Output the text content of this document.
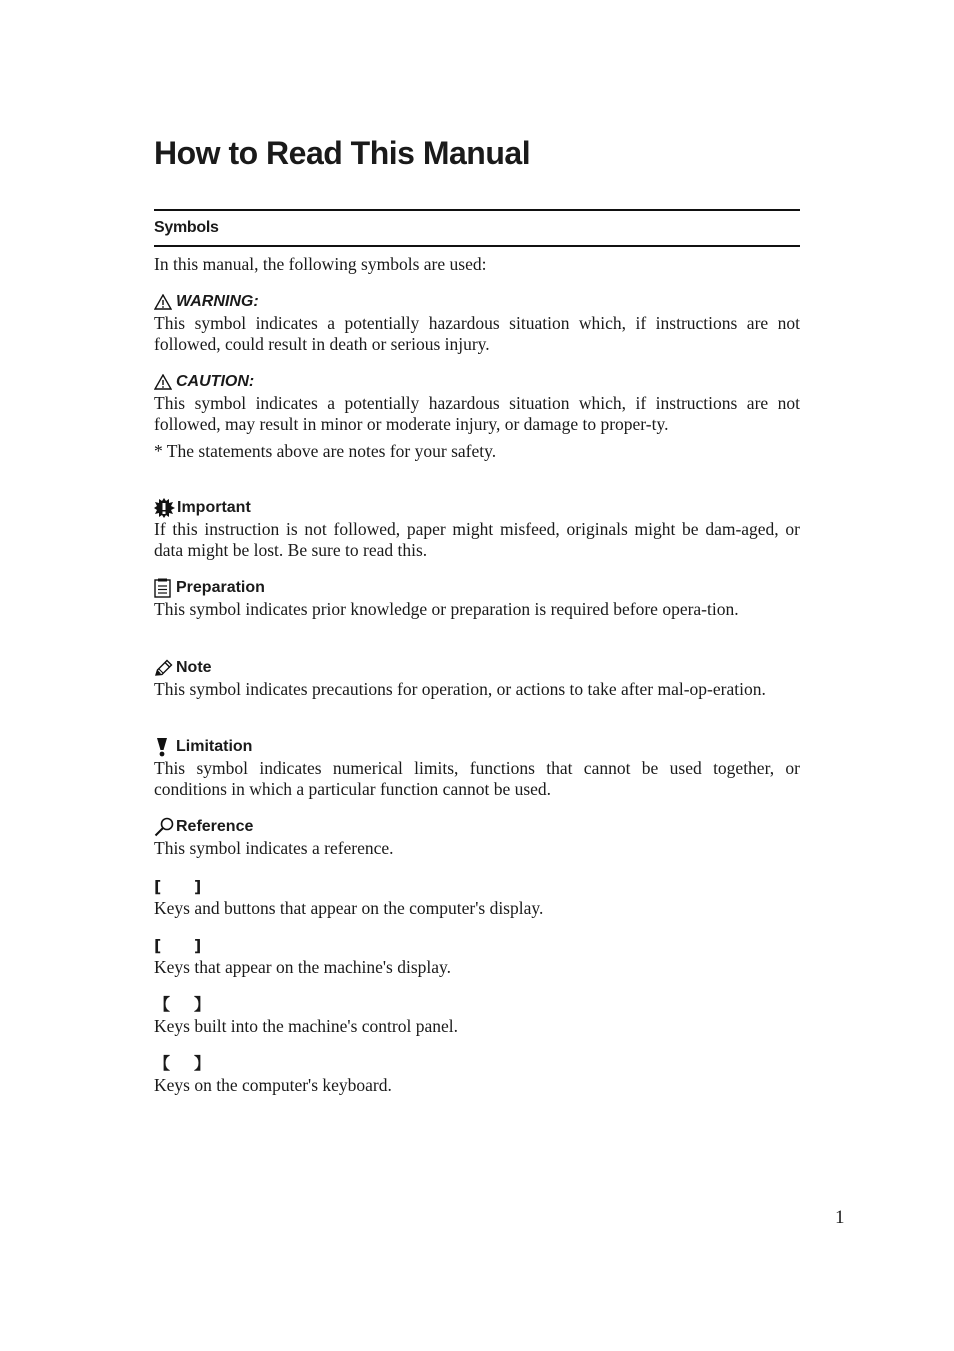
How to Read This Manual
Symbols

In this manual, the following symbols are used:

WARNING:

This symbol indicates a potentially hazardous situation which, if instructions are not followed, could result in death or serious injury.

CAUTION:

This symbol indicates a potentially hazardous situation which, if instructions are not followed, may result in minor or moderate injury, or damage to proper-ty.

* The statements above are notes for your safety.

Important

If this instruction is not followed, paper might misfeed, originals might be dam-aged, or data might be lost. Be sure to read this.

Preparation

This symbol indicates prior knowledge or preparation is required before opera-tion.

Note

This symbol indicates precautions for operation, or actions to take after mal-op-eration.

Limitation

This symbol indicates numerical limits, functions that cannot be used together, or conditions in which a particular function cannot be used.

Reference

This symbol indicates a reference.

[	]

Keys and buttons that appear on the computer's display.

[	]

Keys that appear on the machine's display.

【	】

Keys built into the machine's control panel.

【	】

Keys on the computer's keyboard.

1
